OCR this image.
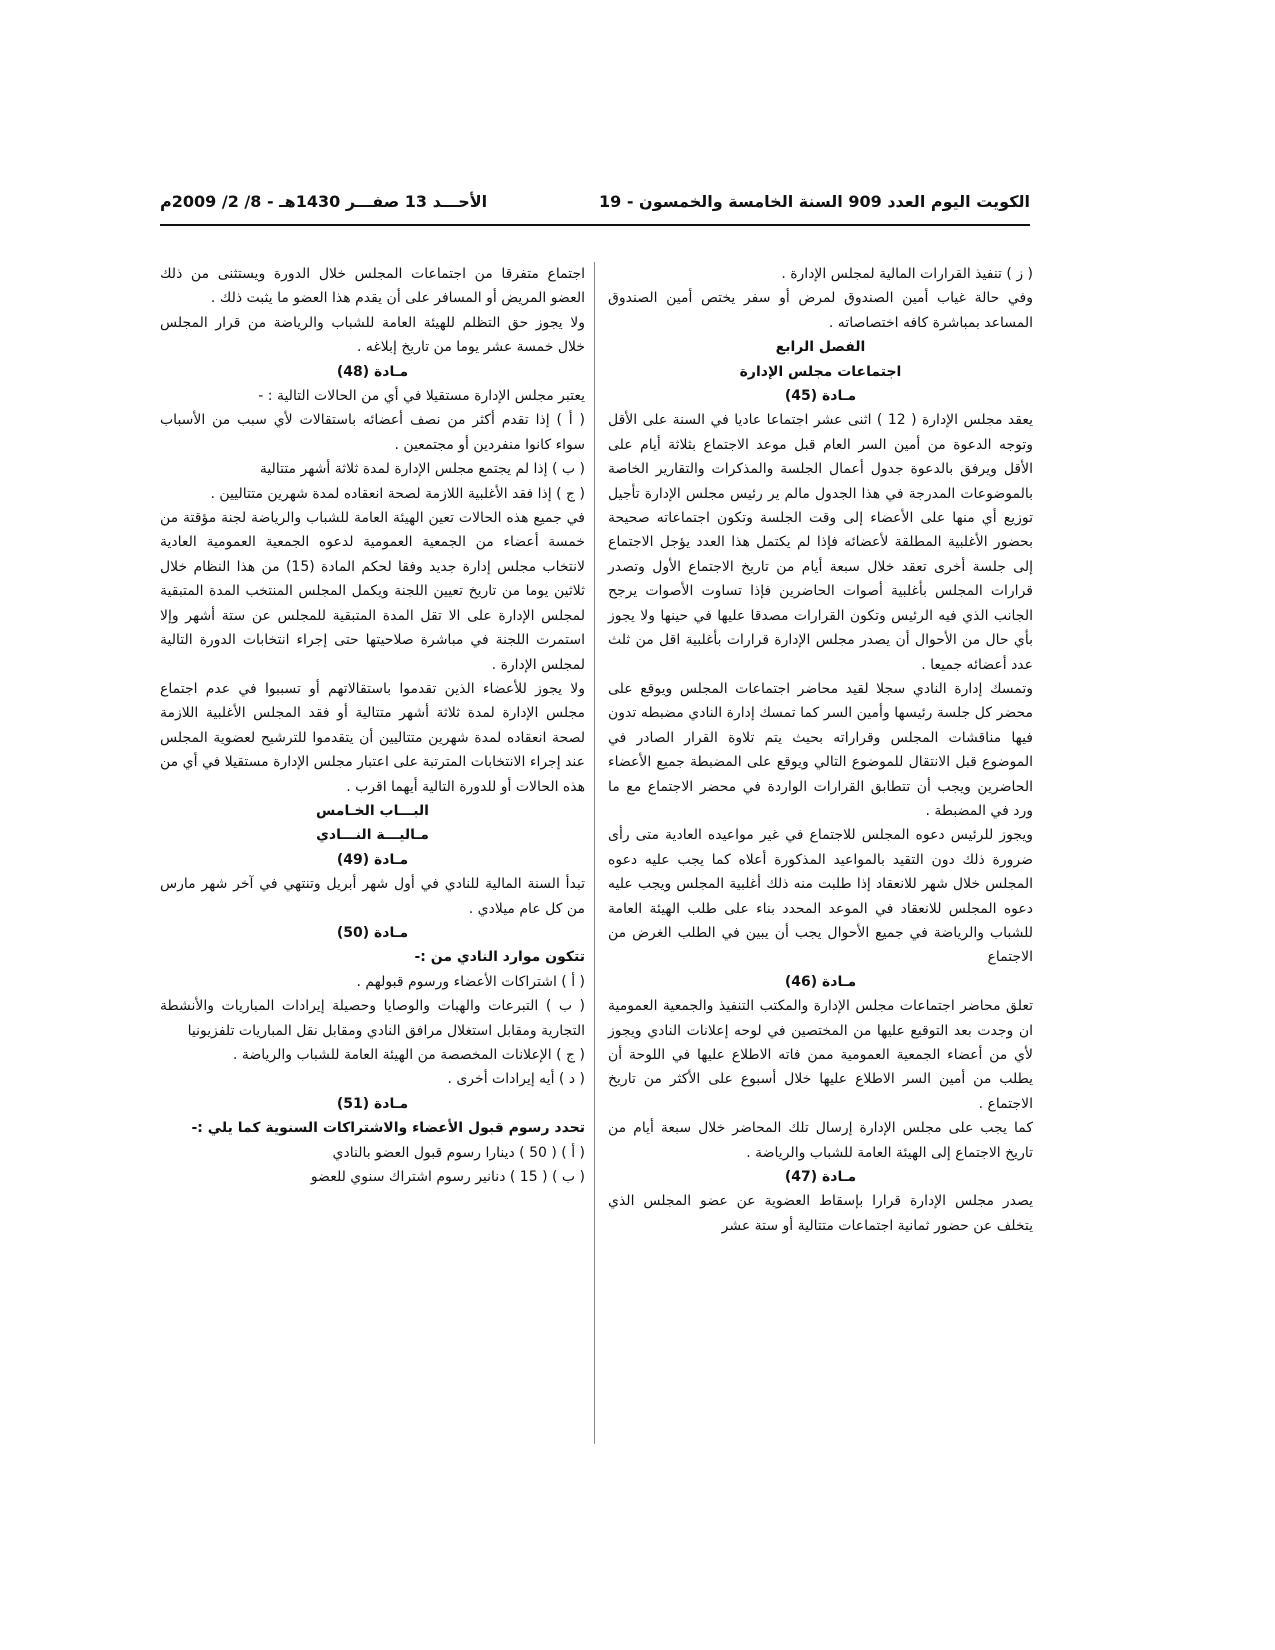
الكويت اليوم العدد 909 السنة الخامسة والخمسون - 19
الأحـــد 13 صفـــر 1430هـ - 8/ 2/ 2009م

( ز ) تنفيذ القرارات المالية لمجلس الإدارة .

وفي حالة غياب أمين الصندوق لمرض أو سفر يختص أمين الصندوق المساعد بمباشرة كافه اختصاصاته .

الفصل الرابع

اجتماعات مجلس الإدارة

مـادة (45)

يعقد مجلس الإدارة ( 12 ) اثنى عشر اجتماعا عاديا في السنة على الأقل وتوجه الدعوة من أمين السر العام قبل موعد الاجتماع بثلاثة أيام على الأقل ويرفق بالدعوة جدول أعمال الجلسة والمذكرات والتقارير الخاصة بالموضوعات المدرجة في هذا الجدول مالم ير رئيس مجلس الإدارة تأجيل توزيع أي منها على الأعضاء إلى وقت الجلسة وتكون اجتماعاته صحيحة بحضور الأغلبية المطلقة لأعضائه فإذا لم يكتمل هذا العدد يؤجل الاجتماع إلى جلسة أخرى تعقد خلال سبعة أيام من تاريخ الاجتماع الأول وتصدر قرارات المجلس بأغلبية أصوات الحاضرين فإذا تساوت الأصوات يرجح الجانب الذي فيه الرئيس وتكون القرارات مصدقا عليها في حينها ولا يجوز بأي حال من الأحوال أن يصدر مجلس الإدارة قرارات بأغلبية اقل من ثلث عدد أعضائه جميعا .

وتمسك إدارة النادي سجلا لقيد محاضر اجتماعات المجلس ويوقع على محضر كل جلسة رئيسها وأمين السر كما تمسك إدارة النادي مضبطه تدون فيها مناقشات المجلس وقراراته بحيث يتم تلاوة القرار الصادر في الموضوع قبل الانتقال للموضوع التالي ويوقع على المضبطة جميع الأعضاء الحاضرين ويجب أن تتطابق القرارات الواردة في محضر الاجتماع مع ما ورد في المضبطة .

ويجوز للرئيس دعوه المجلس للاجتماع في غير مواعيده العادية متى رأى ضرورة ذلك دون التقيد بالمواعيد المذكورة أعلاه كما يجب عليه دعوه المجلس خلال شهر للانعقاد إذا طلبت منه ذلك أغلبية المجلس ويجب عليه دعوه المجلس للانعقاد في الموعد المحدد بناء على طلب الهيئة العامة للشباب والرياضة في جميع الأحوال يجب أن يبين في الطلب الغرض من الاجتماع

مـادة (46)

تعلق محاضر اجتماعات مجلس الإدارة والمكتب التنفيذ والجمعية العمومية ان وجدت بعد التوقيع عليها من المختصين في لوحه إعلانات النادي ويجوز لأي من أعضاء الجمعية العمومية ممن فاته الاطلاع عليها في اللوحة أن يطلب من أمين السر الاطلاع عليها خلال أسبوع على الأكثر من تاريخ الاجتماع .

كما يجب على مجلس الإدارة إرسال تلك المحاضر خلال سبعة أيام من تاريخ الاجتماع إلى الهيئة العامة للشباب والرياضة .

مـادة (47)

يصدر مجلس الإدارة قرارا بإسقاط العضوية عن عضو المجلس الذي يتخلف عن حضور ثمانية اجتماعات متتالية أو ستة عشر

اجتماع متفرقا من اجتماعات المجلس خلال الدورة ويستثنى من ذلك العضو المريض أو المسافر على أن يقدم هذا العضو ما يثبت ذلك .

ولا يجوز حق التظلم للهيئة العامة للشباب والرياضة من قرار المجلس خلال خمسة عشر يوما من تاريخ إبلاغه .

مـادة (48)

يعتبر مجلس الإدارة مستقيلا في أي من الحالات التالية : -

( أ ) إذا تقدم أكثر من نصف أعضائه باستقالات لأي سبب من الأسباب سواء كانوا منفردين أو مجتمعين .

( ب ) إذا لم يجتمع مجلس الإدارة لمدة ثلاثة أشهر متتالية

( ج ) إذا فقد الأغلبية اللازمة لصحة انعقاده لمدة شهرين متتاليين .

في جميع هذه الحالات تعين الهيئة العامة للشباب والرياضة لجنة مؤقتة من خمسة أعضاء من الجمعية العمومية لدعوه الجمعية العمومية العادية لانتخاب مجلس إدارة جديد وفقا لحكم المادة (15) من هذا النظام خلال ثلاثين يوما من تاريخ تعيين اللجنة ويكمل المجلس المنتخب المدة المتبقية لمجلس الإدارة على الا تقل المدة المتبقية للمجلس عن ستة أشهر وإلا استمرت اللجنة في مباشرة صلاحيتها حتى إجراء انتخابات الدورة التالية لمجلس الإدارة .

ولا يجوز للأعضاء الذين تقدموا باستقالاتهم أو تسببوا في عدم اجتماع مجلس الإدارة لمدة ثلاثة أشهر متتالية أو فقد المجلس الأغلبية اللازمة لصحة انعقاده لمدة شهرين متتاليين أن يتقدموا للترشيح لعضوية المجلس عند إجراء الانتخابات المترتبة على اعتبار مجلس الإدارة مستقيلا في أي من هذه الحالات أو للدورة التالية أيهما اقرب .

البـــاب الخـامس

مـاليـــة النـــادي

مـادة (49)

تبدأ السنة المالية للنادي في أول شهر أبريل وتنتهي في آخر شهر مارس من كل عام ميلادي .

مـادة (50)

تتكون موارد النادي من :-

( أ ) اشتراكات الأعضاء ورسوم قبولهم .

( ب ) التبرعات والهبات والوصايا وحصيلة إيرادات المباريات والأنشطة التجارية ومقابل استغلال مرافق النادي ومقابل نقل المباريات تلفزيونيا

( ج ) الإعلانات المخصصة من الهيئة العامة للشباب والرياضة .

( د ) أيه إيرادات أخرى .

مـادة (51)

تحدد رسوم قبول الأعضاء والاشتراكات السنوية كما يلي :-

( أ ) ( 50 ) دينارا رسوم قبول العضو بالنادي

( ب ) ( 15 ) دنانير رسوم اشتراك سنوي للعضو
